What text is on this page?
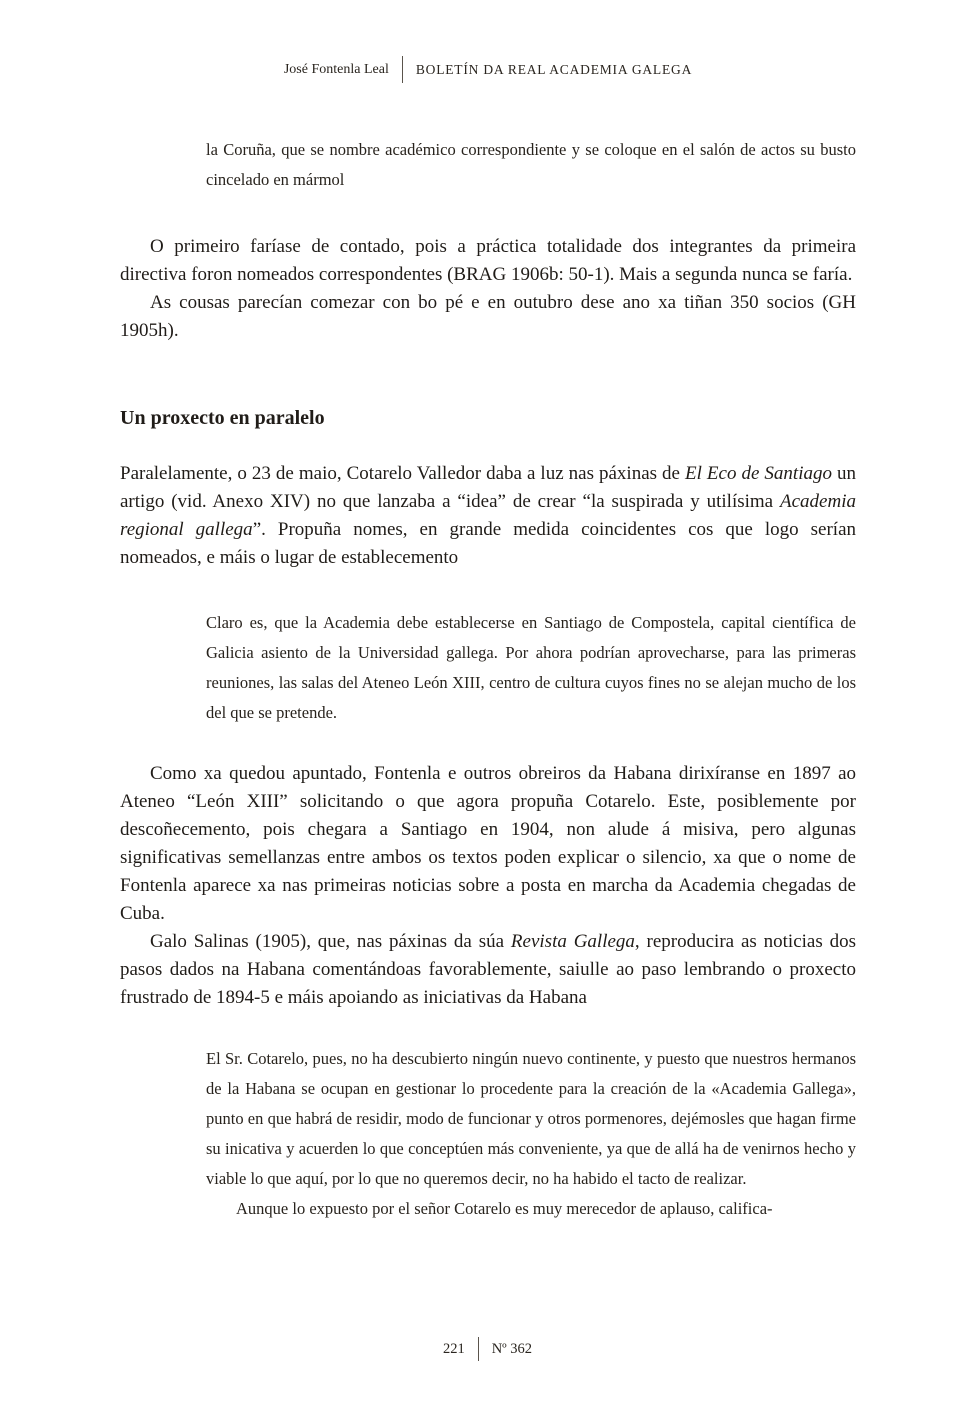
José Fontenla Leal BOLETÍN DA REAL ACADEMIA GALEGA

la Coruña, que se nombre académico correspondiente y se coloque en el salón de actos su busto cincelado en mármol

O primeiro faríase de contado, pois a práctica totalidade dos integrantes da primeira directiva foron nomeados correspondentes (BRAG 1906b: 50-1). Mais a segunda nunca se faría.

As cousas parecían comezar con bo pé e en outubro dese ano xa tiñan 350 socios (GH 1905h).

Un proxecto en paralelo

Paralelamente, o 23 de maio, Cotarelo Valledor daba a luz nas páxinas de El Eco de Santiago un artigo (vid. Anexo XIV) no que lanzaba a “idea” de crear “la suspirada y utilísima Academia regional gallega”. Propuña nomes, en grande medida coincidentes cos que logo serían nomeados, e máis o lugar de establecemento

Claro es, que la Academia debe establecerse en Santiago de Compostela, capital científica de Galicia asiento de la Universidad gallega. Por ahora podrían aprovecharse, para las primeras reuniones, las salas del Ateneo León XIII, centro de cultura cuyos fines no se alejan mucho de los del que se pretende.

Como xa quedou apuntado, Fontenla e outros obreiros da Habana dirixíranse en 1897 ao Ateneo “León XIII” solicitando o que agora propuña Cotarelo. Este, posiblemente por descoñecemento, pois chegara a Santiago en 1904, non alude á misiva, pero algunas significativas semellanzas entre ambos os textos poden explicar o silencio, xa que o nome de Fontenla aparece xa nas primeiras noticias sobre a posta en marcha da Academia chegadas de Cuba.

Galo Salinas (1905), que, nas páxinas da súa Revista Gallega, reproducira as noticias dos pasos dados na Habana comentándoas favorablemente, saiulle ao paso lembrando o proxecto frustrado de 1894-5 e máis apoiando as iniciativas da Habana

El Sr. Cotarelo, pues, no ha descubierto ningún nuevo continente, y puesto que nuestros hermanos de la Habana se ocupan en gestionar lo procedente para la creación de la «Academia Gallega», punto en que habrá de residir, modo de funcionar y otros pormenores, dejémosles que hagan firme su inicativa y acuerden lo que conceptúen más conveniente, ya que de allá ha de venirnos hecho y viable lo que aquí, por lo que no queremos decir, no ha habido el tacto de realizar.

Aunque lo expuesto por el señor Cotarelo es muy merecedor de aplauso, califica-

221 Nº 362
